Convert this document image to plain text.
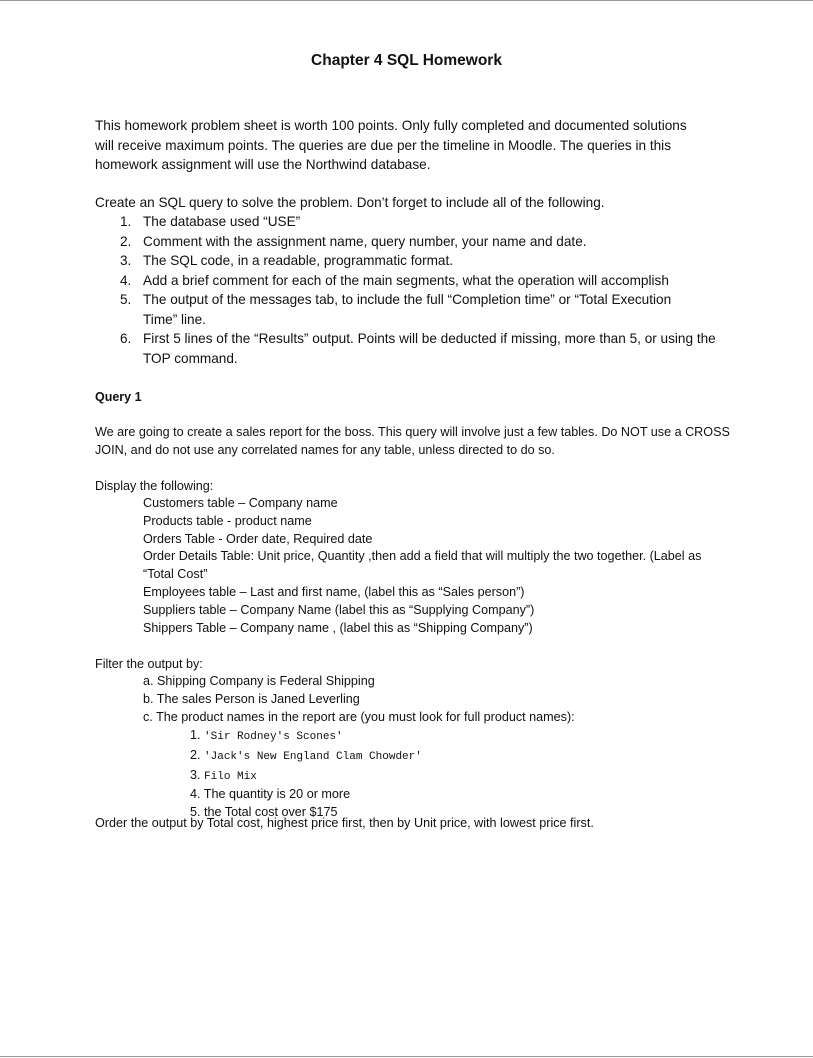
Chapter 4 SQL Homework

This homework problem sheet is worth 100 points. Only fully completed and documented solutions
will receive maximum points. The queries are due per the timeline in Moodle. The queries in this
homework assignment will use the Northwind database.

Create an SQL query to solve the problem. Don’t forget to include all of the following.

1. The database used “USE”
2. Comment with the assignment name, query number, your name and date.
3. The SQL code, in a readable, programmatic format.
4. Add a brief comment for each of the main segments, what the operation will accomplish
5. The output of the messages tab, to include the full “Completion time” or “Total Execution
Time” line.
6. First 5 lines of the “Results” output. Points will be deducted if missing, more than 5, or using the
TOP command.
Query 1

We are going to create a sales report for the boss. This query will involve just a few tables. Do NOT use a CROSS
JOIN, and do not use any correlated names for any table, unless directed to do so.

Display the following:
Customers table – Company name
Products table - product name
Orders Table - Order date, Required date
Order Details Table: Unit price, Quantity ,then add a field that will multiply the two together. (Label as
“Total Cost”
Employees table – Last and first name, (label this as “Sales person”)
Suppliers table – Company Name (label this as “Supplying Company”)
Shippers Table – Company name , (label this as “Shipping Company”)
Filter the output by:
a. Shipping Company is Federal Shipping
b. The sales Person is Janed Leverling
c. The product names in the report are (you must look for full product names):
1. 'Sir Rodney's Scones'
2. 'Jack's New England Clam Chowder'
3. Filo Mix
4. The quantity is 20 or more
5. the Total cost over $175
Order the output by Total cost, highest price first, then by Unit price, with lowest price first.
